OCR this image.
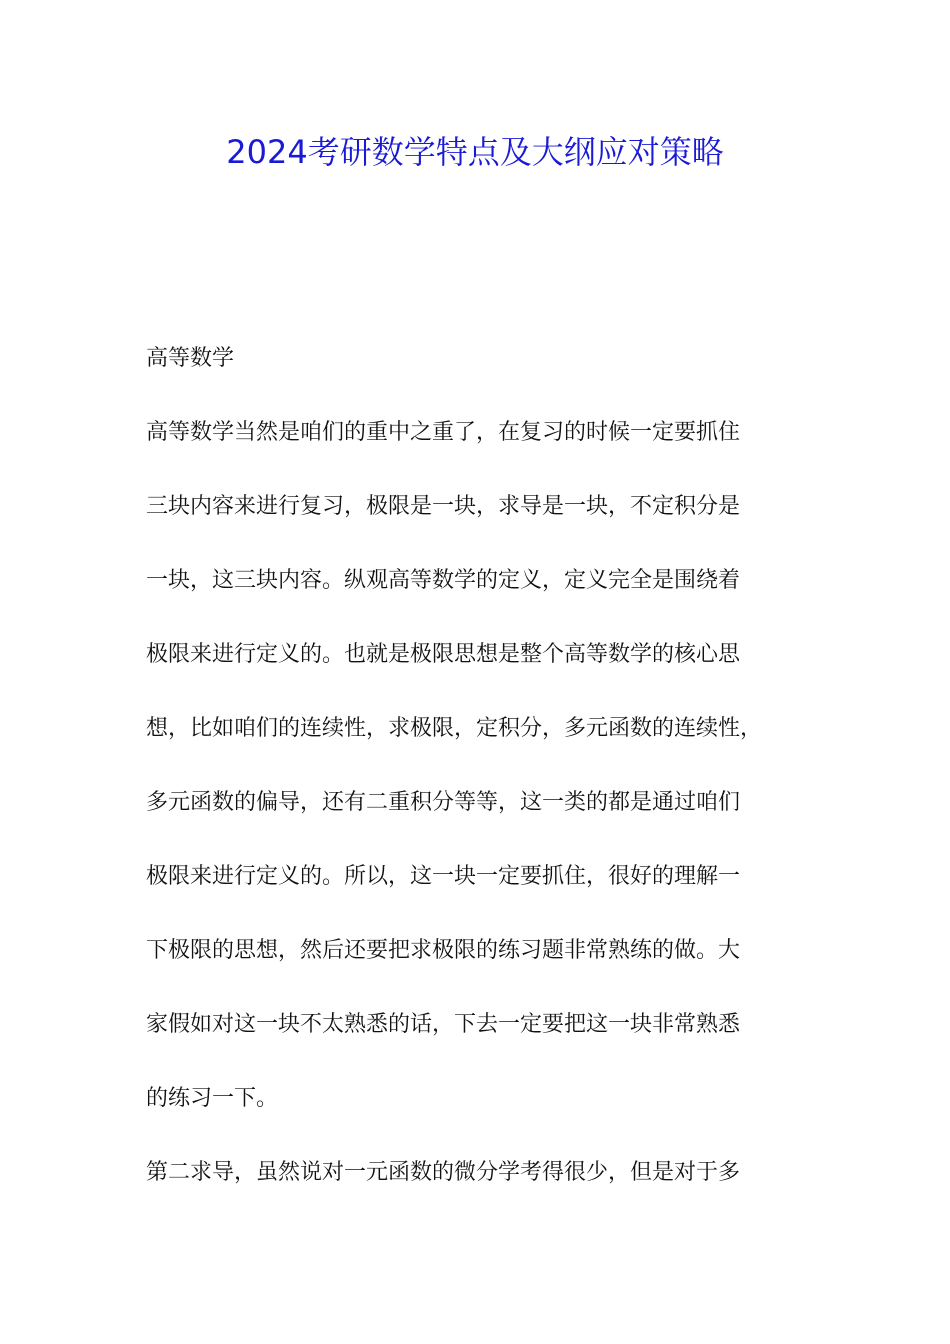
2024考研数学特点及大纲应对策略
高等数学
高等数学当然是咱们的重中之重了，在复习的时候一定要抓住
三块内容来进行复习，极限是一块，求导是一块，不定积分是
一块，这三块内容。纵观高等数学的定义，定义完全是围绕着
极限来进行定义的。也就是极限思想是整个高等数学的核心思
想，比如咱们的连续性，求极限，定积分，多元函数的连续性，
多元函数的偏导，还有二重积分等等，这一类的都是通过咱们
极限来进行定义的。所以，这一块一定要抓住，很好的理解一
下极限的思想，然后还要把求极限的练习题非常熟练的做。大
家假如对这一块不太熟悉的话，下去一定要把这一块非常熟悉
的练习一下。
第二求导，虽然说对一元函数的微分学考得很少，但是对于多
